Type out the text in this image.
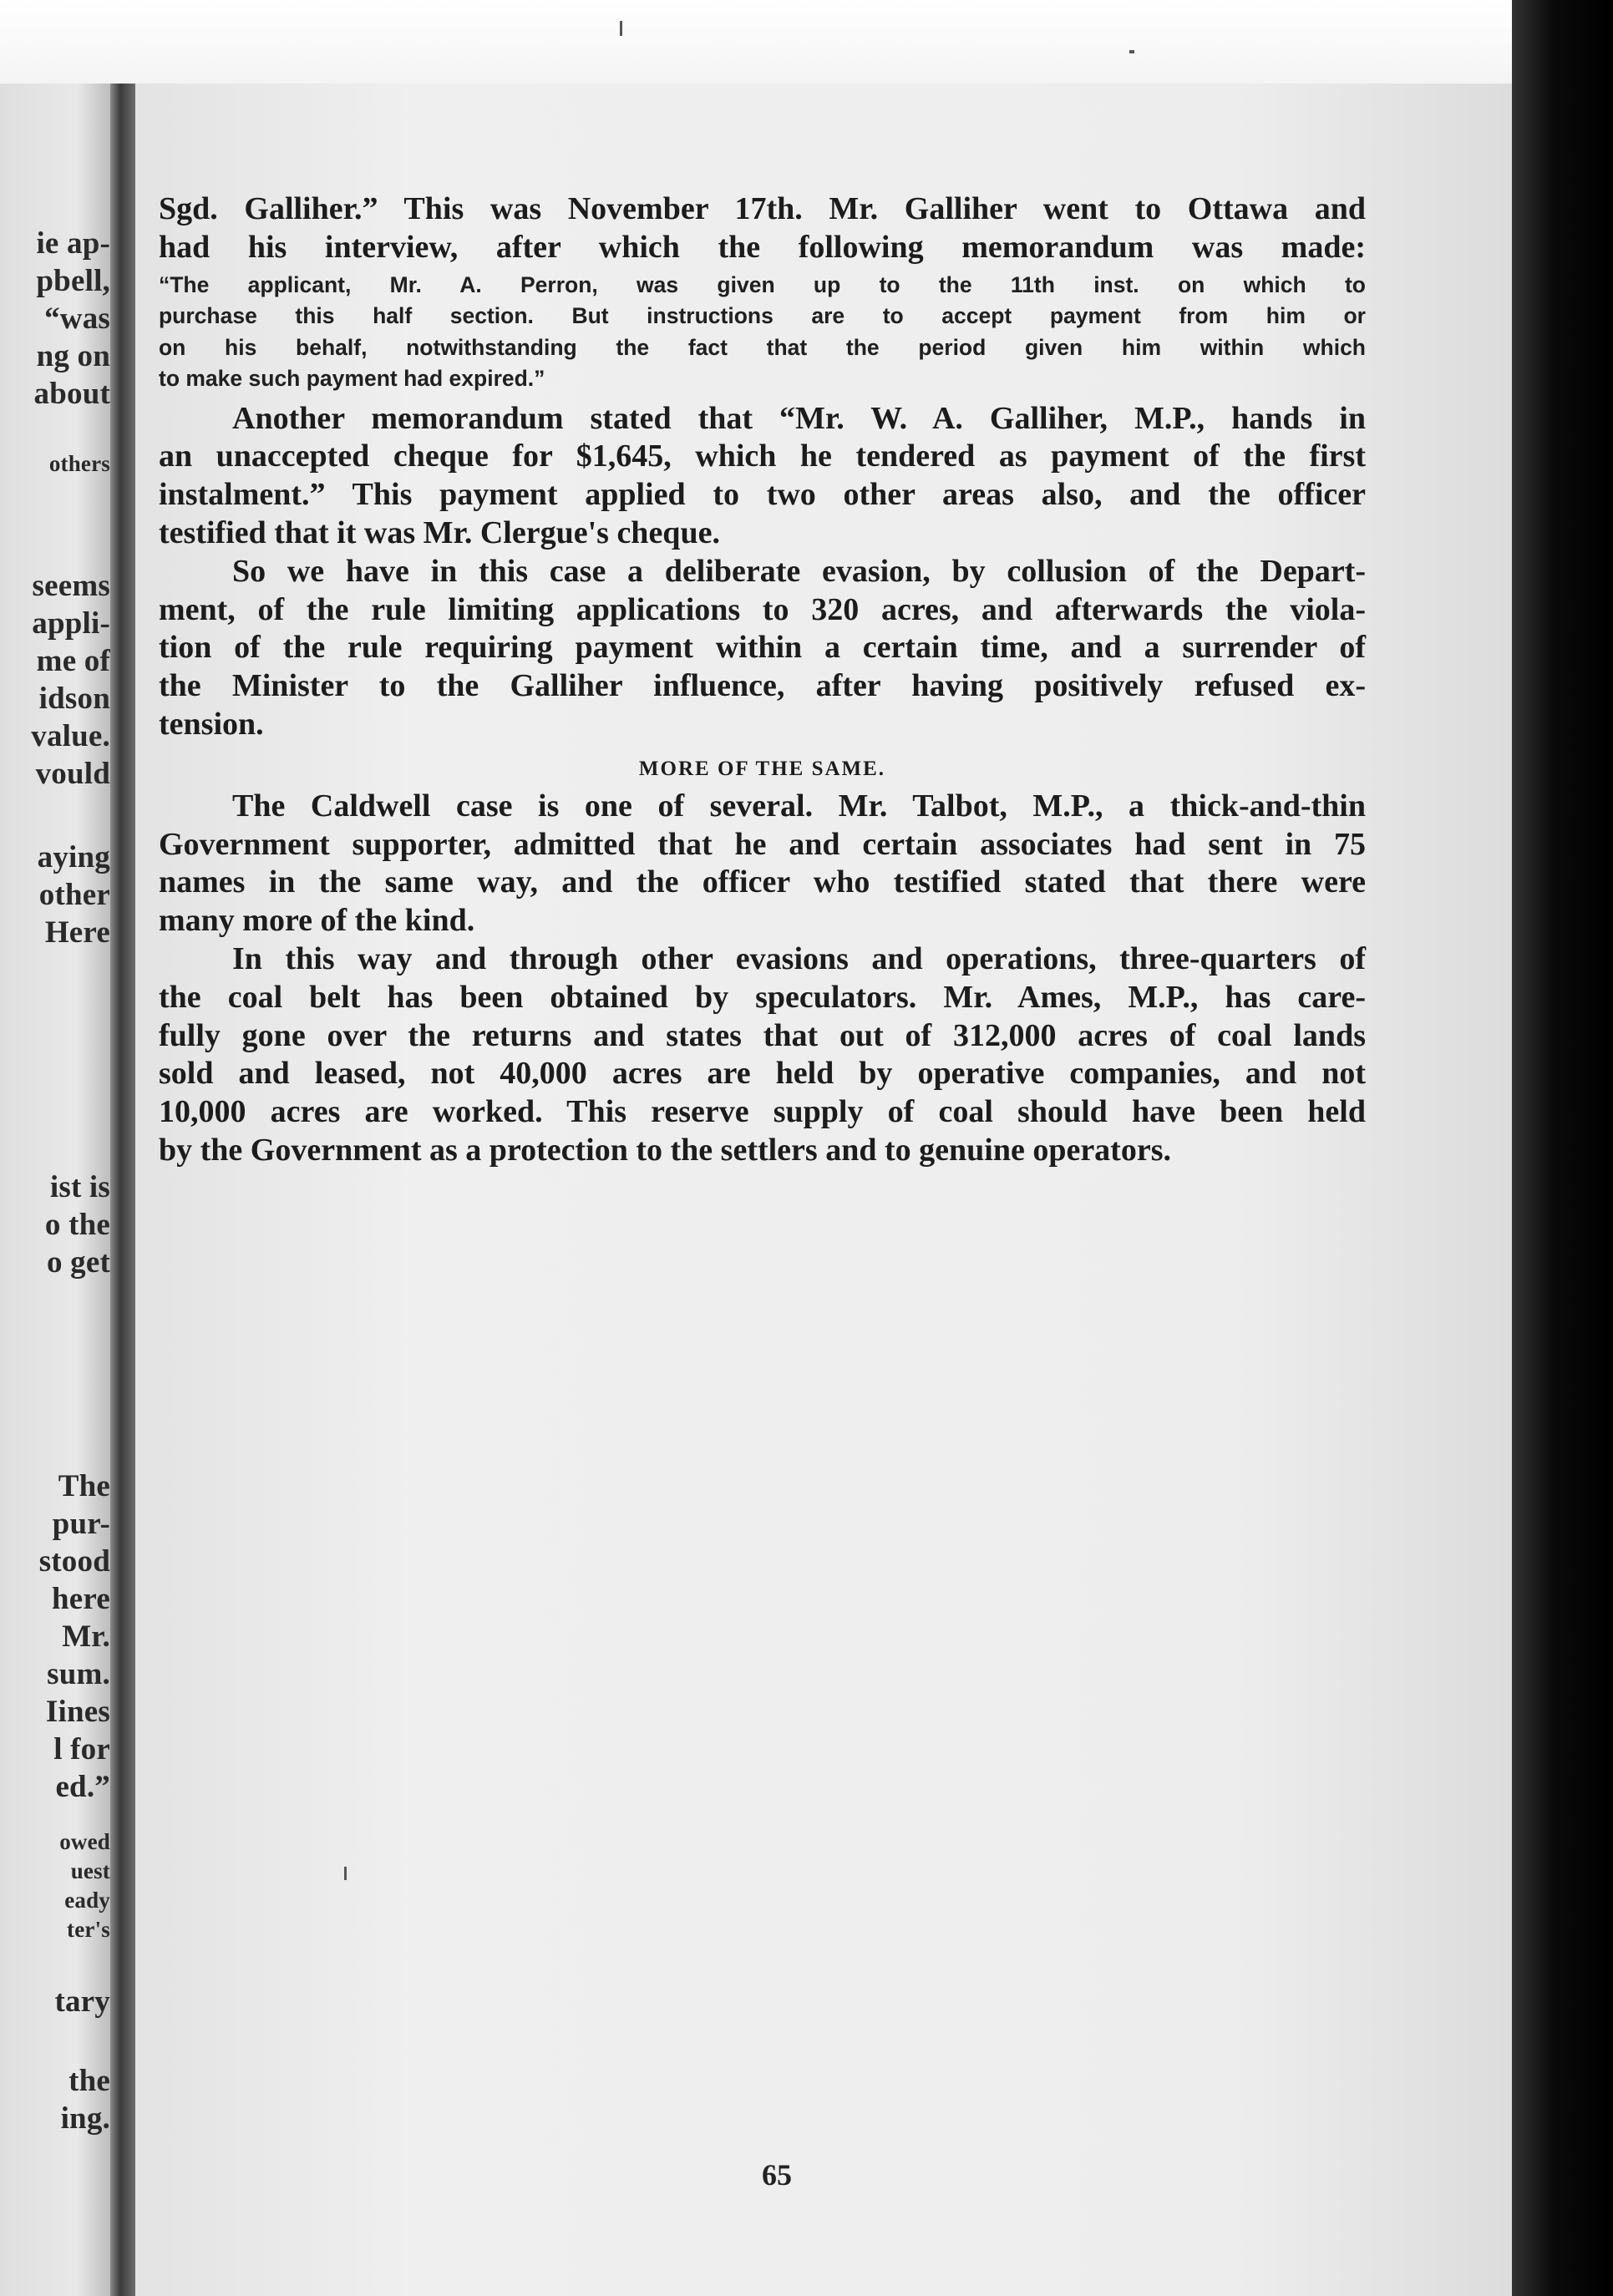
ie ap-
pbell,
“was
ng on
about
others
seems
appli-
me of
idson
value.
vould
aying
other
Here
ist is
o the
o get
The
pur-
stood
here
Mr.
sum.
Iines
l for
ed.”
owed
uest
eady
ter's
tary
the
ing.
Sgd. Galliher.” This was November 17th. Mr. Galliher went to Ottawa and
had his interview, after which the following memorandum was made:
“The applicant, Mr. A. Perron, was given up to the 11th inst. on which to
purchase this half section. But instructions are to accept payment from him or
on his behalf, notwithstanding the fact that the period given him within which
to make such payment had expired.”
Another memorandum stated that “Mr. W. A. Galliher, M.P., hands in
an unaccepted cheque for $1,645, which he tendered as payment of the first
instalment.” This payment applied to two other areas also, and the officer
testified that it was Mr. Clergue's cheque.
So we have in this case a deliberate evasion, by collusion of the Depart-
ment, of the rule limiting applications to 320 acres, and afterwards the viola-
tion of the rule requiring payment within a certain time, and a surrender of
the Minister to the Galliher influence, after having positively refused ex-
tension.
MORE OF THE SAME.
The Caldwell case is one of several. Mr. Talbot, M.P., a thick-and-thin
Government supporter, admitted that he and certain associates had sent in 75
names in the same way, and the officer who testified stated that there were
many more of the kind.
In this way and through other evasions and operations, three-quarters of
the coal belt has been obtained by speculators. Mr. Ames, M.P., has care-
fully gone over the returns and states that out of 312,000 acres of coal lands
sold and leased, not 40,000 acres are held by operative companies, and not
10,000 acres are worked. This reserve supply of coal should have been held
by the Government as a protection to the settlers and to genuine operators.
65
